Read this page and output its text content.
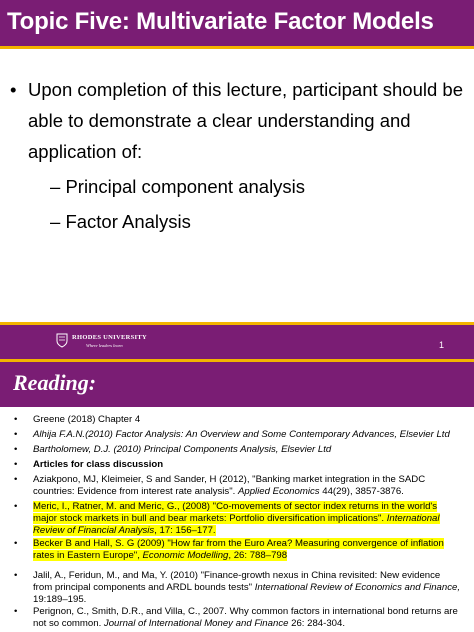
Topic Five: Multivariate Factor Models
• Upon completion of this lecture, participant should be able to demonstrate a clear understanding and application of:
– Principal component analysis
– Factor Analysis
RHODES UNIVERSITY
Where leaders learn	1
Reading:
• Greene (2018) Chapter 4
• Alhija F.A.N.(2010) Factor Analysis: An Overview and Some Contemporary Advances, Elsevier Ltd
• Bartholomew, D.J. (2010) Principal Components Analysis, Elsevier Ltd
• Articles for class discussion
• Aziakpono, MJ, Kleimeier, S and Sander, H (2012), "Banking market integration in the SADC countries: Evidence from interest rate analysis". Applied Economics 44(29), 3857-3876.
• Meric, I., Ratner, M. and Meric, G., (2008) "Co-movements of sector index returns in the world's major stock markets in bull and bear markets: Portfolio diversification implications". International Review of Financial Analysis, 17: 156–177.
• Becker B and Hall, S. G (2009) "How far from the Euro Area? Measuring convergence of inflation rates in Eastern Europe", Economic Modelling, 26: 788–798
• Jalil, A., Feridun, M., and Ma, Y. (2010) "Finance-growth nexus in China revisited: New evidence from principal components and ARDL bounds tests" International Review of Economics and Finance, 19:189–195.
• Perignon, C., Smith, D.R., and Villa, C., 2007. Why common factors in international bond returns are not so common. Journal of International Money and Finance 26: 284-304.
